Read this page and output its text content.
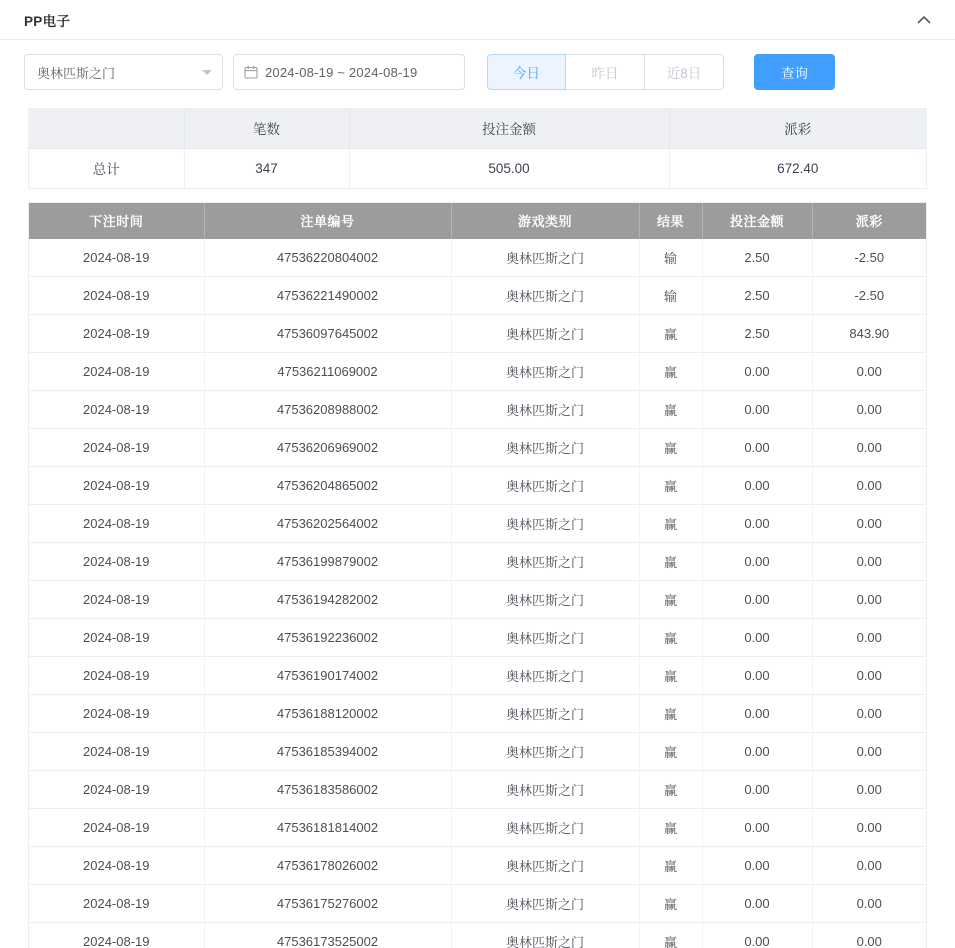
PP电子
奥林匹斯之门	2024-08-19 ~ 2024-08-19	今日	昨日	近8日	查询
	笔数	投注金额	派彩
总计	347	505.00	672.40
下注时间	注单编号	游戏类别	结果	投注金额	派彩
2024-08-19	47536220804002	奥林匹斯之门	输	2.50	-2.50
2024-08-19	47536221490002	奥林匹斯之门	输	2.50	-2.50
2024-08-19	47536097645002	奥林匹斯之门	赢	2.50	843.90
2024-08-19	47536211069002	奥林匹斯之门	赢	0.00	0.00
2024-08-19	47536208988002	奥林匹斯之门	赢	0.00	0.00
2024-08-19	47536206969002	奥林匹斯之门	赢	0.00	0.00
2024-08-19	47536204865002	奥林匹斯之门	赢	0.00	0.00
2024-08-19	47536202564002	奥林匹斯之门	赢	0.00	0.00
2024-08-19	47536199879002	奥林匹斯之门	赢	0.00	0.00
2024-08-19	47536194282002	奥林匹斯之门	赢	0.00	0.00
2024-08-19	47536192236002	奥林匹斯之门	赢	0.00	0.00
2024-08-19	47536190174002	奥林匹斯之门	赢	0.00	0.00
2024-08-19	47536188120002	奥林匹斯之门	赢	0.00	0.00
2024-08-19	47536185394002	奥林匹斯之门	赢	0.00	0.00
2024-08-19	47536183586002	奥林匹斯之门	赢	0.00	0.00
2024-08-19	47536181814002	奥林匹斯之门	赢	0.00	0.00
2024-08-19	47536178026002	奥林匹斯之门	赢	0.00	0.00
2024-08-19	47536175276002	奥林匹斯之门	赢	0.00	0.00
2024-08-19	47536173525002	奥林匹斯之门	赢	0.00	0.00
